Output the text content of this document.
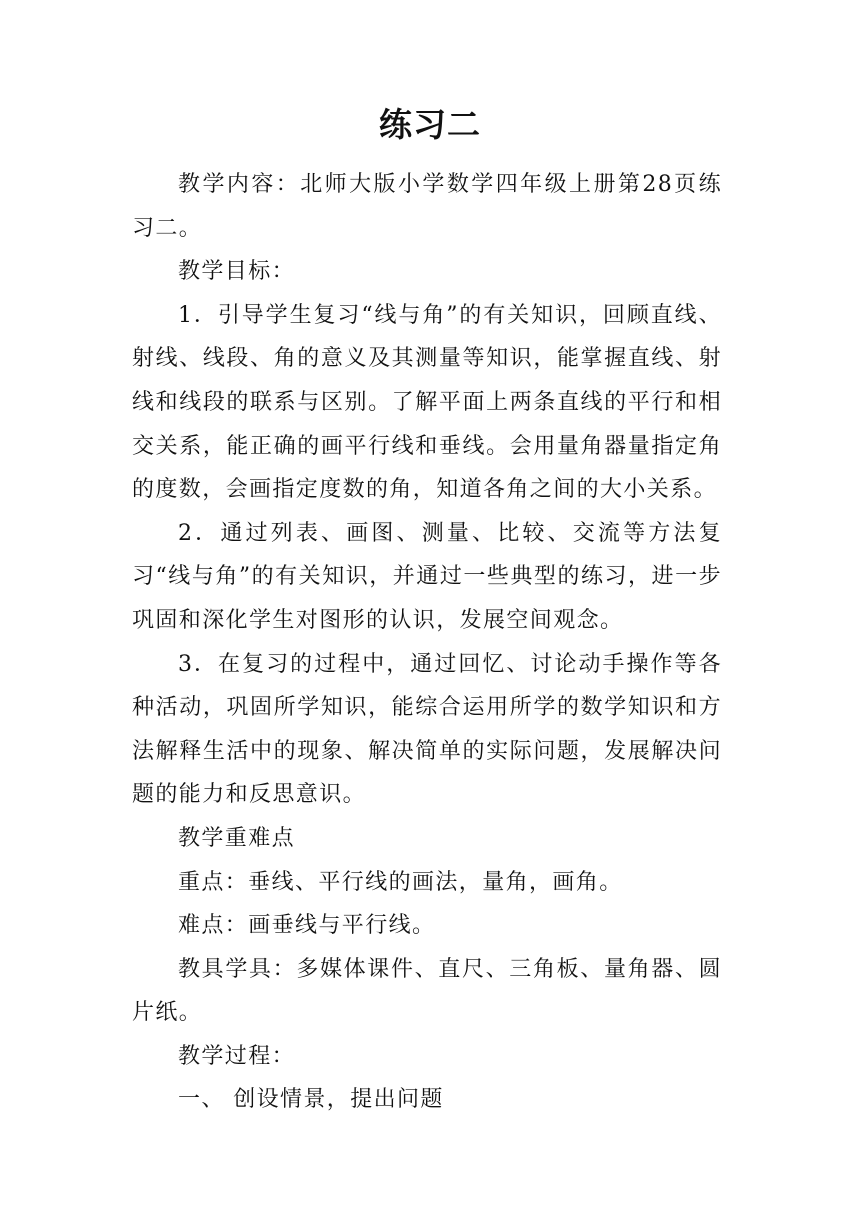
练习二

教学内容：北师大版小学数学四年级上册第28页练习二。

教学目标：

1．引导学生复习“线与角”的有关知识，回顾直线、射线、线段、角的意义及其测量等知识，能掌握直线、射线和线段的联系与区别。了解平面上两条直线的平行和相交关系，能正确的画平行线和垂线。会用量角器量指定角的度数，会画指定度数的角，知道各角之间的大小关系。

2．通过列表、画图、测量、比较、交流等方法复习“线与角”的有关知识，并通过一些典型的练习，进一步巩固和深化学生对图形的认识，发展空间观念。

3．在复习的过程中，通过回忆、讨论动手操作等各种活动，巩固所学知识，能综合运用所学的数学知识和方法解释生活中的现象、解决简单的实际问题，发展解决问题的能力和反思意识。

教学重难点

重点：垂线、平行线的画法，量角，画角。

难点：画垂线与平行线。

教具学具：多媒体课件、直尺、三角板、量角器、圆片纸。

教学过程：

一、 创设情景，提出问题
